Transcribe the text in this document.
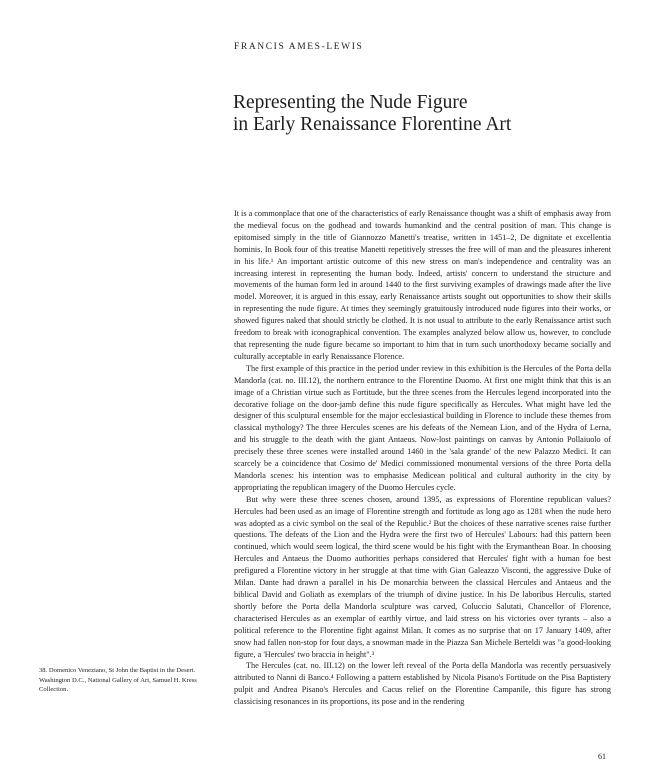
FRANCIS AMES-LEWIS
Representing the Nude Figure
in Early Renaissance Florentine Art

It is a commonplace that one of the characteristics of early Renaissance thought was a shift of emphasis away from the medieval focus on the godhead and towards humankind and the central position of man. This change is epitomised simply in the title of Giannozzo Manetti's treatise, written in 1451–2, De dignitate et excellentia hominis. In Book four of this treatise Manetti repetitively stresses the free will of man and the pleasures inherent in his life.¹ An important artistic outcome of this new stress on man's independence and centrality was an increasing interest in representing the human body. Indeed, artists' concern to understand the structure and movements of the human form led in around 1440 to the first surviving examples of drawings made after the live model. Moreover, it is argued in this essay, early Renaissance artists sought out opportunities to show their skills in representing the nude figure. At times they seemingly gratuitously introduced nude figures into their works, or showed figures naked that should strictly be clothed. It is not usual to attribute to the early Renaissance artist such freedom to break with iconographical convention. The examples analyzed below allow us, however, to conclude that representing the nude figure became so important to him that in turn such unorthodoxy became socially and culturally acceptable in early Renaissance Florence.

The first example of this practice in the period under review in this exhibition is the Hercules of the Porta della Mandorla (cat. no. III.12), the northern entrance to the Florentine Duomo. At first one might think that this is an image of a Christian virtue such as Fortitude, but the three scenes from the Hercules legend incorporated into the decorative foliage on the door-jamb define this nude figure specifically as Hercules. What might have led the designer of this sculptural ensemble for the major ecclesiastical building in Florence to include these themes from classical mythology? The three Hercules scenes are his defeats of the Nemean Lion, and of the Hydra of Lerna, and his struggle to the death with the giant Antaeus. Now-lost paintings on canvas by Antonio Pollaiuolo of precisely these three scenes were installed around 1460 in the 'sala grande' of the new Palazzo Medici. It can scarcely be a coincidence that Cosimo de' Medici commissioned monumental versions of the three Porta della Mandorla scenes: his intention was to emphasise Medicean political and cultural authority in the city by appropriating the republican imagery of the Duomo Hercules cycle.

But why were these three scenes chosen, around 1395, as expressions of Florentine republican values? Hercules had been used as an image of Florentine strength and fortitude as long ago as 1281 when the nude hero was adopted as a civic symbol on the seal of the Republic.² But the choices of these narrative scenes raise further questions. The defeats of the Lion and the Hydra were the first two of Hercules' Labours: had this pattern been continued, which would seem logical, the third scene would be his fight with the Erymanthean Boar. In choosing Hercules and Antaeus the Duomo authorities perhaps considered that Hercules' fight with a human foe best prefigured a Florentine victory in her struggle at that time with Gian Galeazzo Visconti, the aggressive Duke of Milan. Dante had drawn a parallel in his De monarchia between the classical Hercules and Antaeus and the biblical David and Goliath as exemplars of the triumph of divine justice. In his De laboribus Herculis, started shortly before the Porta della Mandorla sculpture was carved, Coluccio Salutati, Chancellor of Florence, characterised Hercules as an exemplar of earthly virtue, and laid stress on his victories over tyrants – also a political reference to the Florentine fight against Milan. It comes as no surprise that on 17 January 1409, after snow had fallen non-stop for four days, a snowman made in the Piazza San Michele Berteldi was "a good-looking figure, a 'Hercules' two braccia in height".³

The Hercules (cat. no. III.12) on the lower left reveal of the Porta della Mandorla was recently persuasively attributed to Nanni di Banco.⁴ Following a pattern established by Nicola Pisano's Fortitude on the Pisa Baptistery pulpit and Andrea Pisano's Hercules and Cacus relief on the Florentine Campanile, this figure has strong classicising resonances in its proportions, its pose and in the rendering

38. Domenico Veneziano, St John the Baptist in the Desert. Washington D.C., National Gallery of Art, Samuel H. Kress Collection.
61
